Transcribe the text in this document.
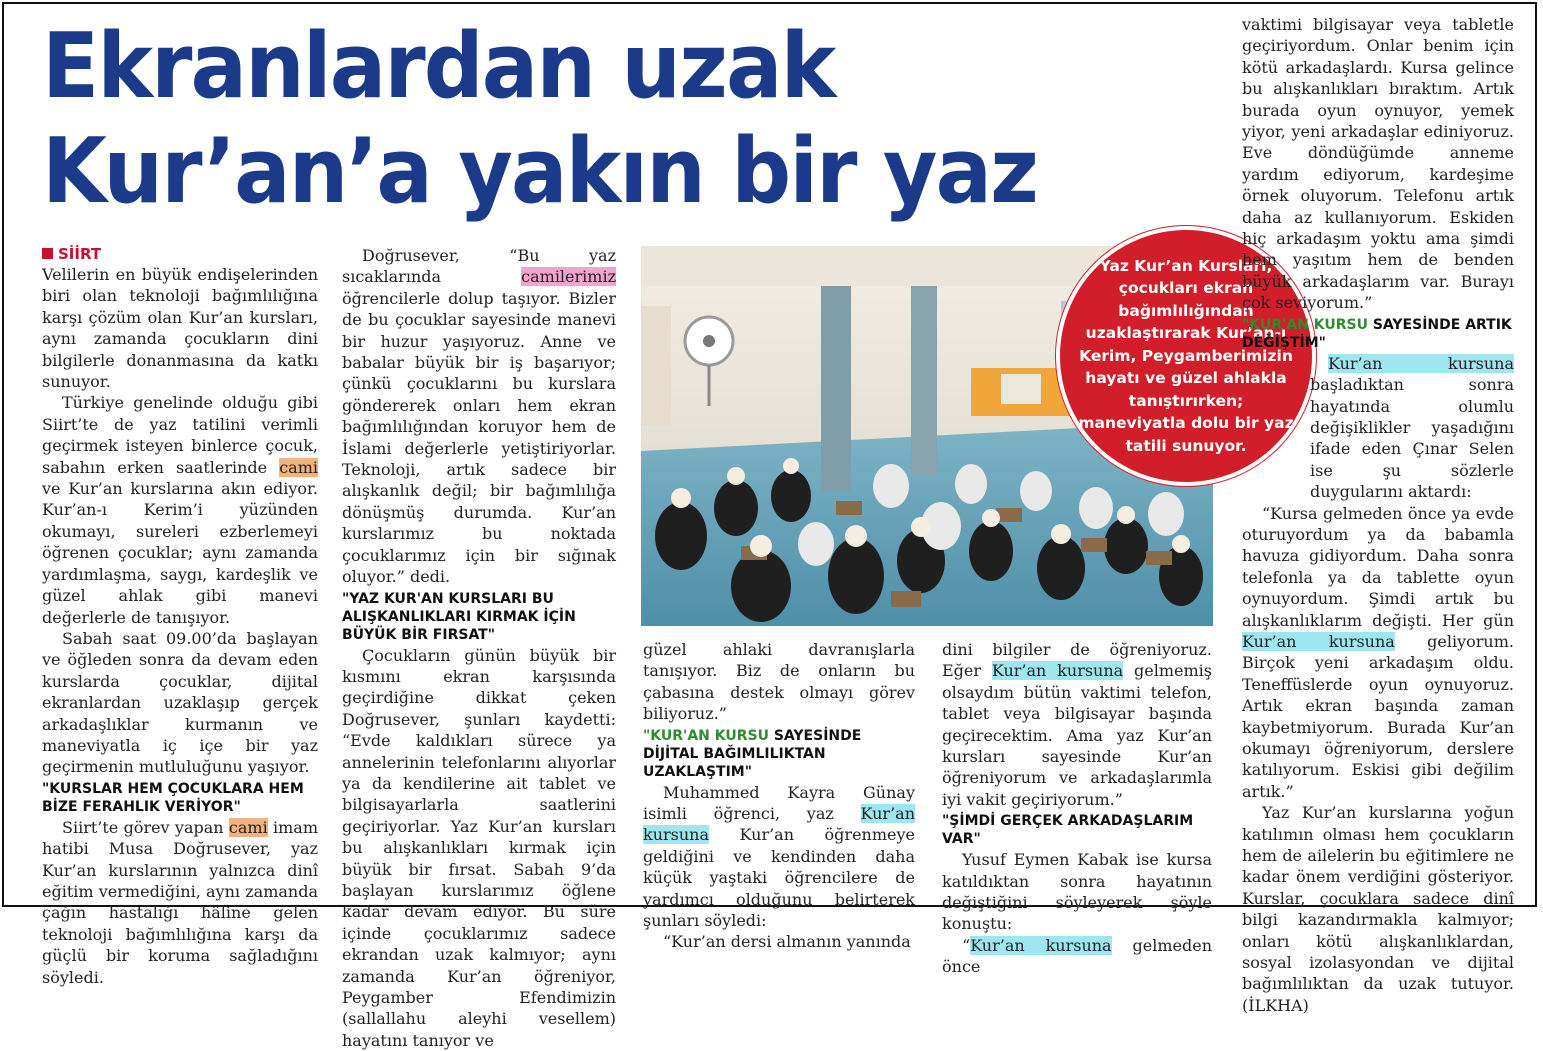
Ekranlardan uzak
Kur’an’a yakın bir yaz
SİİRT

Velilerin en büyük endişelerinden biri olan teknoloji bağımlılığına karşı çözüm olan Kur’an kursları, aynı zamanda çocukların dini bilgilerle donanmasına da katkı sunuyor.

Türkiye genelinde olduğu gibi Siirt’te de yaz tatilini verimli geçirmek isteyen binlerce çocuk, sabahın erken saatlerinde cami ve Kur’an kurslarına akın ediyor. Kur’an-ı Kerim’i yüzünden okumayı, sureleri ezberlemeyi öğrenen çocuklar; aynı zamanda yardımlaşma, saygı, kardeşlik ve güzel ahlak gibi manevi değerlerle de tanışıyor.

Sabah saat 09.00’da başlayan ve öğleden sonra da devam eden kurslarda çocuklar, dijital ekranlardan uzaklaşıp gerçek arkadaşlıklar kurmanın ve maneviyatla iç içe bir yaz geçirmenin mutluluğunu yaşıyor.

"KURSLAR HEM ÇOCUKLARA HEM BİZE FERAHLIK VERİYOR"

Siirt’te görev yapan cami imam hatibi Musa Doğrusever, yaz Kur’an kurslarının yalnızca dinî eğitim vermediğini, aynı zamanda çağın hastalığı hâline gelen teknoloji bağımlılığına karşı da güçlü bir koruma sağladığını söyledi.

Doğrusever, “Bu yaz sıcaklarında camilerimiz öğrencilerle dolup taşıyor. Bizler de bu çocuklar sayesinde manevi bir huzur yaşıyoruz. Anne ve babalar büyük bir iş başarıyor; çünkü çocuklarını bu kurslara göndererek onları hem ekran bağımlılığından koruyor hem de İslami değerlerle yetiştiriyorlar. Teknoloji, artık sadece bir alışkanlık değil; bir bağımlılığa dönüşmüş durumda. Kur’an kurslarımız bu noktada çocuklarımız için bir sığınak oluyor.” dedi.

"YAZ KUR'AN KURSLARI BU ALIŞKANLIKLARI KIRMAK İÇİN BÜYÜK BİR FIRSAT"

Çocukların günün büyük bir kısmını ekran karşısında geçirdiğine dikkat çeken Doğrusever, şunları kaydetti: “Evde kaldıkları sürece ya annelerinin telefonlarını alıyorlar ya da kendilerine ait tablet ve bilgisayarlarla saatlerini geçiriyorlar. Yaz Kur’an kursları bu alışkanlıkları kırmak için büyük bir fırsat. Sabah 9’da başlayan kurslarımız öğlene kadar devam ediyor. Bu süre içinde çocuklarımız sadece ekrandan uzak kalmıyor; aynı zamanda Kur’an öğreniyor, Peygamber Efendimizin (sallallahu aleyhi vesellem) hayatını tanıyor ve

Yaz Kur’an Kursları, çocukları ekran bağımlılığından uzaklaştırarak Kur’an-ı Kerim, Peygamberimizin hayatı ve güzel ahlakla tanıştırırken; maneviyatla dolu bir yaz tatili sunuyor.

güzel ahlaki davranışlarla tanışıyor. Biz de onların bu çabasına destek olmayı görev biliyoruz.”

"KUR'AN KURSU SAYESİNDE DİJİTAL BAĞIMLILIKTAN UZAKLAŞTIM"

Muhammed Kayra Günay isimli öğrenci, yaz Kur’an kursuna Kur’an öğrenmeye geldiğini ve kendinden daha küçük yaştaki öğrencilere de yardımcı olduğunu belirterek şunları söyledi:

“Kur’an dersi almanın yanında

dini bilgiler de öğreniyoruz. Eğer Kur’an kursuna gelmemiş olsaydım bütün vaktimi telefon, tablet veya bilgisayar başında geçirecektim. Ama yaz Kur’an kursları sayesinde Kur’an öğreniyorum ve arkadaşlarımla iyi vakit geçiriyorum.”

"ŞİMDİ GERÇEK ARKADAŞLARIM VAR"

Yusuf Eymen Kabak ise kursa katıldıktan sonra hayatının değiştiğini söyleyerek şöyle konuştu:

“Kur’an kursuna gelmeden önce

vaktimi bilgisayar veya tabletle geçiriyordum. Onlar benim için kötü arkadaşlardı. Kursa gelince bu alışkanlıkları bıraktım. Artık burada oyun oynuyor, yemek yiyor, yeni arkadaşlar ediniyoruz. Eve döndüğümde anneme yardım ediyorum, kardeşime örnek oluyorum. Telefonu artık daha az kullanıyorum. Eskiden hiç arkadaşım yoktu ama şimdi hem yaşıtım hem de benden büyük arkadaşlarım var. Burayı çok seviyorum.”

"KUR'AN KURSU SAYESİNDE ARTIK DEĞİŞTİM"

Kur’an kursuna başladıktan sonra hayatında olumlu değişiklikler yaşadığını ifade eden Çınar Selen ise şu sözlerle duygularını aktardı:

“Kursa gelmeden önce ya evde oturuyordum ya da babamla havuza gidiyordum. Daha sonra telefonla ya da tablette oyun oynuyordum. Şimdi artık bu alışkanlıklarım değişti. Her gün Kur’an kursuna geliyorum. Birçok yeni arkadaşım oldu. Teneffüslerde oyun oynuyoruz. Artık ekran başında zaman kaybetmiyorum. Burada Kur’an okumayı öğreniyorum, derslere katılıyorum. Eskisi gibi değilim artık.”

Yaz Kur’an kurslarına yoğun katılımın olması hem çocukların hem de ailelerin bu eğitimlere ne kadar önem verdiğini gösteriyor. Kurslar, çocuklara sadece dinî bilgi kazandırmakla kalmıyor; onları kötü alışkanlıklardan, sosyal izolasyondan ve dijital bağımlılıktan da uzak tutuyor. (İLKHA)
